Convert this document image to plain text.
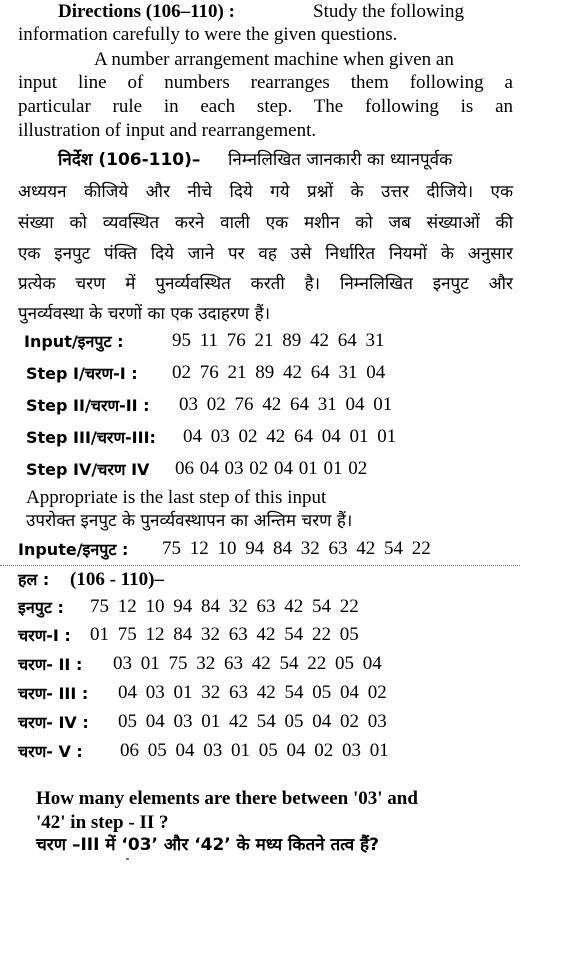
Directions (106–110) :	Study the following
information carefully to were the given questions.
A number arrangement machine when given an
input line of numbers rearranges them following a
particular rule in each step. The following is an
illustration of input and rearrangement.
निर्देश (106-110)– निम्नलिखित जानकारी का ध्यानपूर्वक
अध्ययन कीजिये और नीचे दिये गये प्रश्नों के उत्तर दीजिये। एक
संख्या को व्यवस्थित करने वाली एक मशीन को जब संख्याओं की
एक इनपुट पंक्ति दिये जाने पर वह उसे निर्धारित नियमों के अनुसार
प्रत्येक चरण में पुनर्व्यवस्थित करती है। निम्नलिखित इनपुट और
पुनर्व्यवस्था के चरणों का एक उदाहरण हैं।
Input/इनपुट :	95 11 76 21 89 42 64 31
Step I/चरण-I : 02 76 21 89 42 64 31 04
Step II/चरण-II : 03 02 76 42 64 31 04 01
Step III/चरण-III: 04 03 02 42 64 04 01 01
Step IV/चरण IV 06 04 03 02 04 01 01 02
Appropriate is the last step of this input
उपरोक्त इनपुट के पुनर्व्यवस्थापन का अन्तिम चरण हैं।
Inpute/इनपुट : 75 12 10 94 84 32 63 42 54 22
हल : (106 - 110)–
इनपुट : 75 12 10 94 84 32 63 42 54 22
चरण-I : 01 75 12 84 32 63 42 54 22 05
चरण- II : 03 01 75 32 63 42 54 22 05 04
चरण- III : 04 03 01 32 63 42 54 05 04 02
चरण- IV : 05 04 03 01 42 54 05 04 02 03
चरण- V : 06 05 04 03 01 05 04 02 03 01
How many elements are there between '03' and
'42' in step - II ?
चरण –III में ‘03’ और ‘42’ के मध्य कितने तत्व हैं?
